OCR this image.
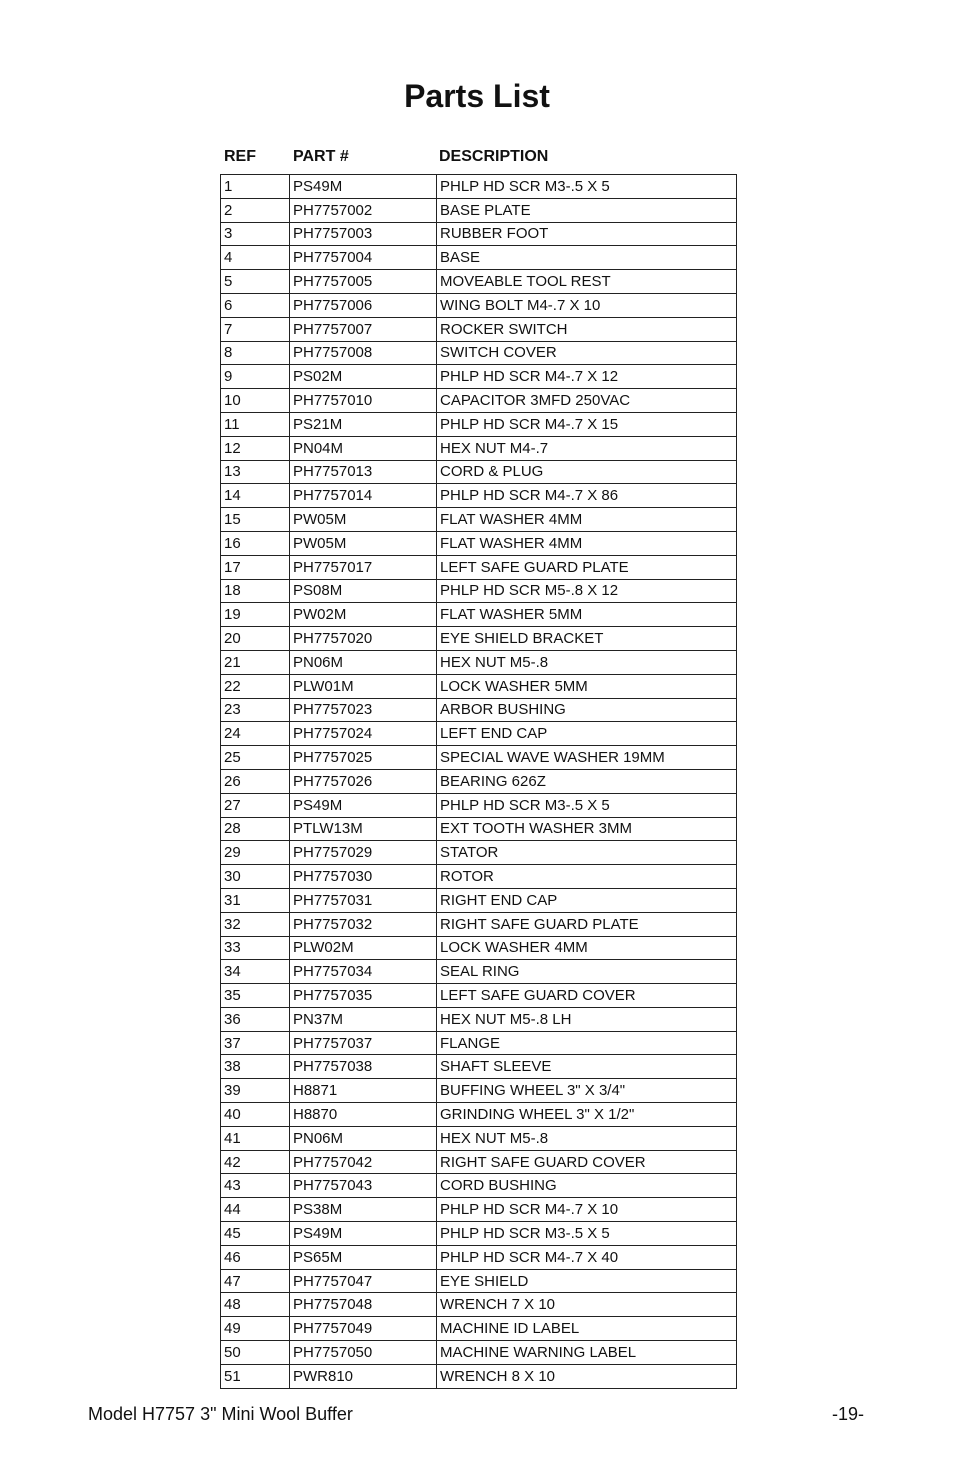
Parts List
REF PART #	DESCRIPTION
1	PS49M	PHLP HD SCR M3-.5 X 5
2	PH7757002	BASE PLATE
3	PH7757003	RUBBER FOOT
4	PH7757004	BASE
5	PH7757005	MOVEABLE TOOL REST
6	PH7757006	WING BOLT M4-.7 X 10
7	PH7757007	ROCKER SWITCH
8	PH7757008	SWITCH COVER
9	PS02M	PHLP HD SCR M4-.7 X 12
10	PH7757010	CAPACITOR 3MFD 250VAC
11	PS21M	PHLP HD SCR M4-.7 X 15
12	PN04M	HEX NUT M4-.7
13	PH7757013	CORD & PLUG
14	PH7757014	PHLP HD SCR M4-.7 X 86
15	PW05M	FLAT WASHER 4MM
16	PW05M	FLAT WASHER 4MM
17	PH7757017	LEFT SAFE GUARD PLATE
18	PS08M	PHLP HD SCR M5-.8 X 12
19	PW02M	FLAT WASHER 5MM
20	PH7757020	EYE SHIELD BRACKET
21	PN06M	HEX NUT M5-.8
22	PLW01M	LOCK WASHER 5MM
23	PH7757023	ARBOR BUSHING
24	PH7757024	LEFT END CAP
25	PH7757025	SPECIAL WAVE WASHER 19MM
26	PH7757026	BEARING 626Z
27	PS49M	PHLP HD SCR M3-.5 X 5
28	PTLW13M	EXT TOOTH WASHER 3MM
29	PH7757029	STATOR
30	PH7757030	ROTOR
31	PH7757031	RIGHT END CAP
32	PH7757032	RIGHT SAFE GUARD PLATE
33	PLW02M	LOCK WASHER 4MM
34	PH7757034	SEAL RING
35	PH7757035	LEFT SAFE GUARD COVER
36	PN37M	HEX NUT M5-.8 LH
37	PH7757037	FLANGE
38	PH7757038	SHAFT SLEEVE
39	H8871	BUFFING WHEEL 3" X 3/4"
40	H8870	GRINDING WHEEL 3" X 1/2"
41	PN06M	HEX NUT M5-.8
42	PH7757042	RIGHT SAFE GUARD COVER
43	PH7757043	CORD BUSHING
44	PS38M	PHLP HD SCR M4-.7 X 10
45	PS49M	PHLP HD SCR M3-.5 X 5
46	PS65M	PHLP HD SCR M4-.7 X 40
47	PH7757047	EYE SHIELD
48	PH7757048	WRENCH 7 X 10
49	PH7757049	MACHINE ID LABEL
50	PH7757050	MACHINE WARNING LABEL
51	PWR810	WRENCH 8 X 10
Model H7757 3" Mini Wool Buffer	-19-
